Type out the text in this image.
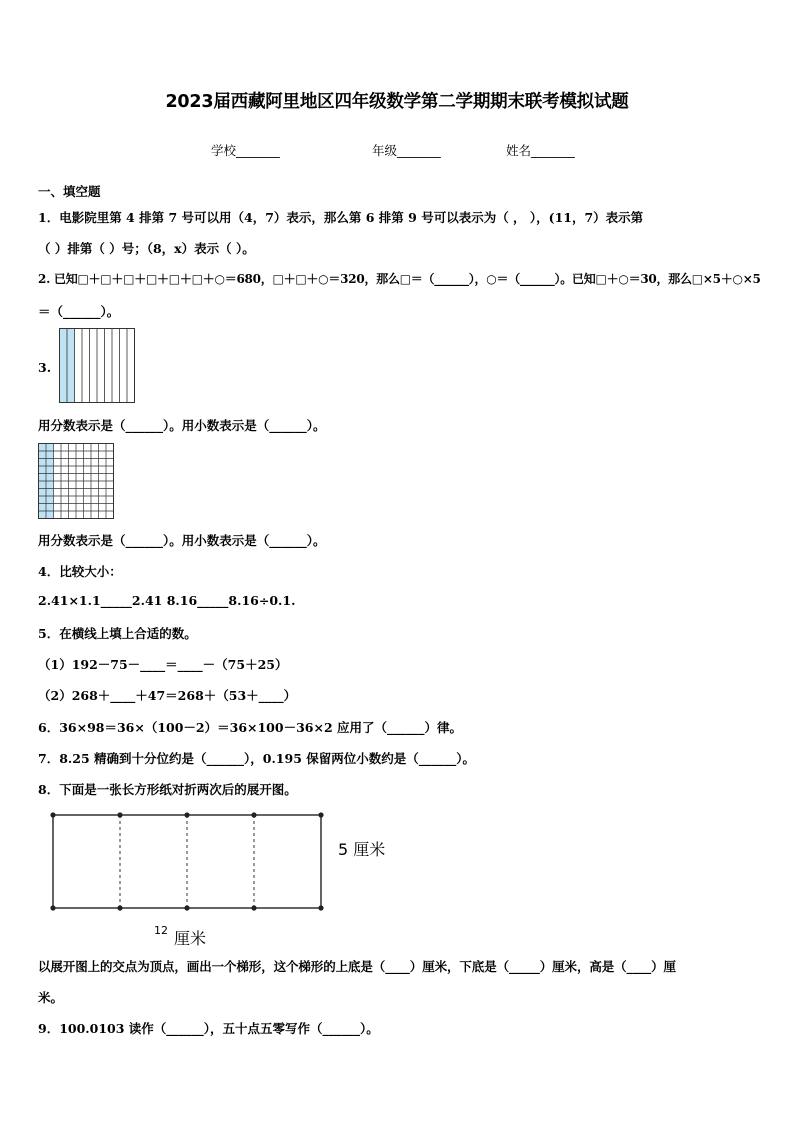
2023届西藏阿里地区四年级数学第二学期期末联考模拟试题
学校_______	年级_______	姓名_______
一、填空题
1．电影院里第 4 排第 7 号可以用（4，7）表示，那么第 6 排第 9 号可以表示为（ ， ），(11，7）表示第
（ ）排第（ ）号；（8，x）表示（ ）。
2. 已知□＋□＋□＋□＋□＋□＋○＝680，□＋□＋○＝320，那么□＝（______），○＝（______）。已知□＋○＝30，那么□×5＋○×5
＝（______）。
3.
用分数表示是（______）。用小数表示是（______）。
用分数表示是（______）。用小数表示是（______）。
4．比较大小：
2.41×1.1_____2.41 8.16_____8.16÷0.1.
5．在横线上填上合适的数。
（1）192－75－____＝____－（75＋25）
（2）268＋____＋47＝268＋（53＋____）
6．36×98＝36×（100－2）＝36×100－36×2 应用了（______）律。
7．8.25 精确到十分位约是（______），0.195 保留两位小数约是（______）。
8．下面是一张长方形纸对折两次后的展开图。
5 厘米
12 厘米
以展开图上的交点为顶点，画出一个梯形，这个梯形的上底是（____）厘米，下底是（_____）厘米，高是（____）厘
米。
9．100.0103 读作（______），五十点五零写作（______）。
